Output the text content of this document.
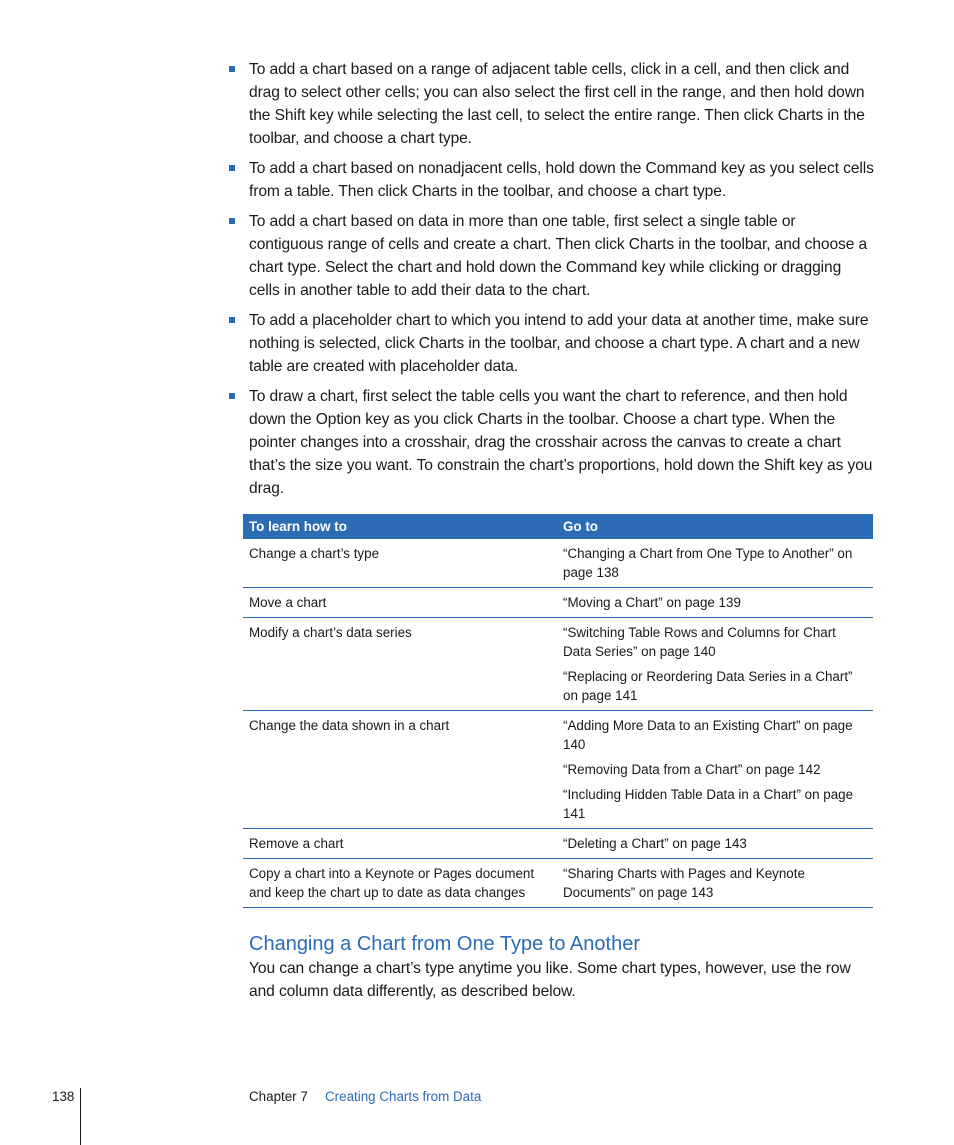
To add a chart based on a range of adjacent table cells, click in a cell, and then click and drag to select other cells; you can also select the first cell in the range, and then hold down the Shift key while selecting the last cell, to select the entire range. Then click Charts in the toolbar, and choose a chart type.
To add a chart based on nonadjacent cells, hold down the Command key as you select cells from a table. Then click Charts in the toolbar, and choose a chart type.
To add a chart based on data in more than one table, first select a single table or contiguous range of cells and create a chart. Then click Charts in the toolbar, and choose a chart type. Select the chart and hold down the Command key while clicking or dragging cells in another table to add their data to the chart.
To add a placeholder chart to which you intend to add your data at another time, make sure nothing is selected, click Charts in the toolbar, and choose a chart type. A chart and a new table are created with placeholder data.
To draw a chart, first select the table cells you want the chart to reference, and then hold down the Option key as you click Charts in the toolbar. Choose a chart type. When the pointer changes into a crosshair, drag the crosshair across the canvas to create a chart that’s the size you want. To constrain the chart’s proportions, hold down the Shift key as you drag.
To learn how to	Go to
Change a chart’s type	“Changing a Chart from One Type to Another” on page 138

Move a chart	“Moving a Chart” on page 139

Modify a chart’s data series	“Switching Table Rows and Columns for Chart Data Series” on page 140
“Replacing or Reordering Data Series in a Chart” on page 141

Change the data shown in a chart	“Adding More Data to an Existing Chart” on page 140
“Removing Data from a Chart” on page 142
“Including Hidden Table Data in a Chart” on page 141

Remove a chart	“Deleting a Chart” on page 143

Copy a chart into a Keynote or Pages document and keep the chart up to date as data changes	“Sharing Charts with Pages and Keynote Documents” on page 143
Changing a Chart from One Type to Another

You can change a chart’s type anytime you like. Some chart types, however, use the row and column data differently, as described below.

138	Chapter 7 Creating Charts from Data
